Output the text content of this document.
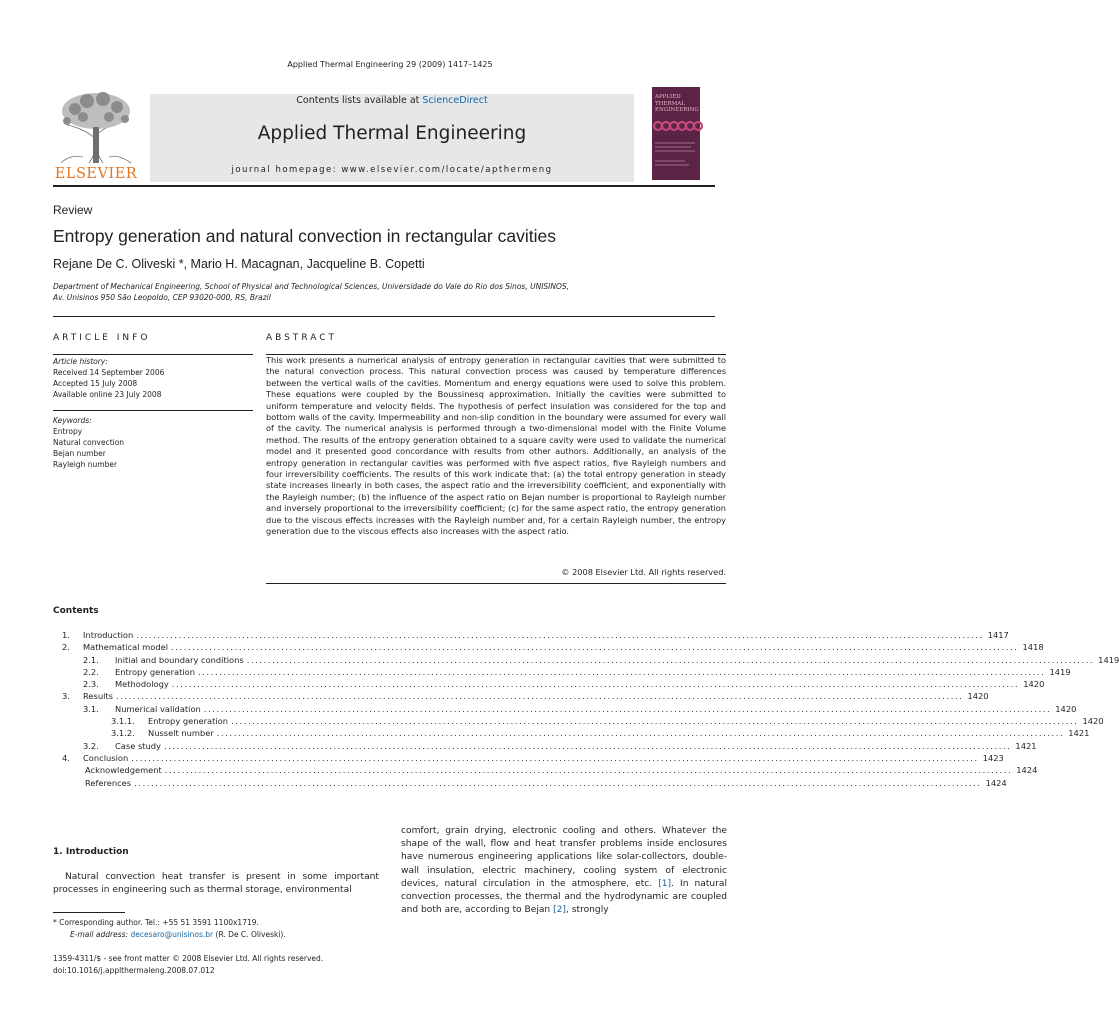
Applied Thermal Engineering 29 (2009) 1417–1425
ELSEVIER
Contents lists available at ScienceDirect
Applied Thermal Engineering
journal homepage: www.elsevier.com/locate/apthermeng
APPLIED
THERMAL
ENGINEERING
Review
Entropy generation and natural convection in rectangular cavities
Rejane De C. Oliveski *, Mario H. Macagnan, Jacqueline B. Copetti
Department of Mechanical Engineering, School of Physical and Technological Sciences, Universidade do Vale do Rio dos Sinos, UNISINOS,
Av. Unisinos 950 São Leopoldo, CEP 93020-000, RS, Brazil
ARTICLE INFO
Article history:
Received 14 September 2006
Accepted 15 July 2008
Available online 23 July 2008
Keywords:
Entropy
Natural convection
Bejan number
Rayleigh number
ABSTRACT
This work presents a numerical analysis of entropy generation in rectangular cavities that were submitted to the natural convection process. This natural convection process was caused by temperature differences between the vertical walls of the cavities. Momentum and energy equations were used to solve this problem. These equations were coupled by the Boussinesq approximation. Initially the cavities were submitted to uniform temperature and velocity fields. The hypothesis of perfect insulation was considered for the top and bottom walls of the cavity. Impermeability and non-slip condition in the boundary were assumed for every wall of the cavity. The numerical analysis is performed through a two-dimensional model with the Finite Volume method. The results of the entropy generation obtained to a square cavity were used to validate the numerical model and it presented good concordance with results from other authors. Additionally, an analysis of the entropy generation in rectangular cavities was performed with five aspect ratios, five Rayleigh numbers and four irreversibility coefficients. The results of this work indicate that: (a) the total entropy generation in steady state increases linearly in both cases, the aspect ratio and the irreversibility coefficient, and exponentially with the Rayleigh number; (b) the influence of the aspect ratio on Bejan number is proportional to Rayleigh number and inversely proportional to the irreversibility coefficient; (c) for the same aspect ratio, the entropy generation due to the viscous effects increases with the Rayleigh number and, for a certain Rayleigh number, the entropy generation due to the viscous effects also increases with the aspect ratio.
© 2008 Elsevier Ltd. All rights reserved.
Contents
1. Introduction ........................................................................................................................................................................................................ 1417
2. Mathematical model ........................................................................................................................................................................................................ 1418
2.1. Initial and boundary conditions ........................................................................................................................................................................................................ 1419
2.2. Entropy generation ........................................................................................................................................................................................................ 1419
2.3. Methodology ........................................................................................................................................................................................................ 1420
3. Results ........................................................................................................................................................................................................ 1420
3.1. Numerical validation ........................................................................................................................................................................................................ 1420
3.1.1. Entropy generation ........................................................................................................................................................................................................ 1420
3.1.2. Nusselt number ........................................................................................................................................................................................................ 1421
3.2. Case study ........................................................................................................................................................................................................ 1421
4. Conclusion ........................................................................................................................................................................................................ 1423
Acknowledgement ........................................................................................................................................................................................................ 1424
References ........................................................................................................................................................................................................ 1424
1. Introduction
Natural convection heat transfer is present in some important processes in engineering such as thermal storage, environmental
* Corresponding author. Tel.: +55 51 3591 1100x1719.
E-mail address: decesaro@unisinos.br (R. De C. Oliveski).
1359-4311/$ - see front matter © 2008 Elsevier Ltd. All rights reserved.
doi:10.1016/j.applthermaleng.2008.07.012
comfort, grain drying, electronic cooling and others. Whatever the shape of the wall, flow and heat transfer problems inside enclosures have numerous engineering applications like solar-collectors, double-wall insulation, electric machinery, cooling system of electronic devices, natural circulation in the atmosphere, etc. [1]. In natural convection processes, the thermal and the hydrodynamic are coupled and both are, according to Bejan [2], strongly
